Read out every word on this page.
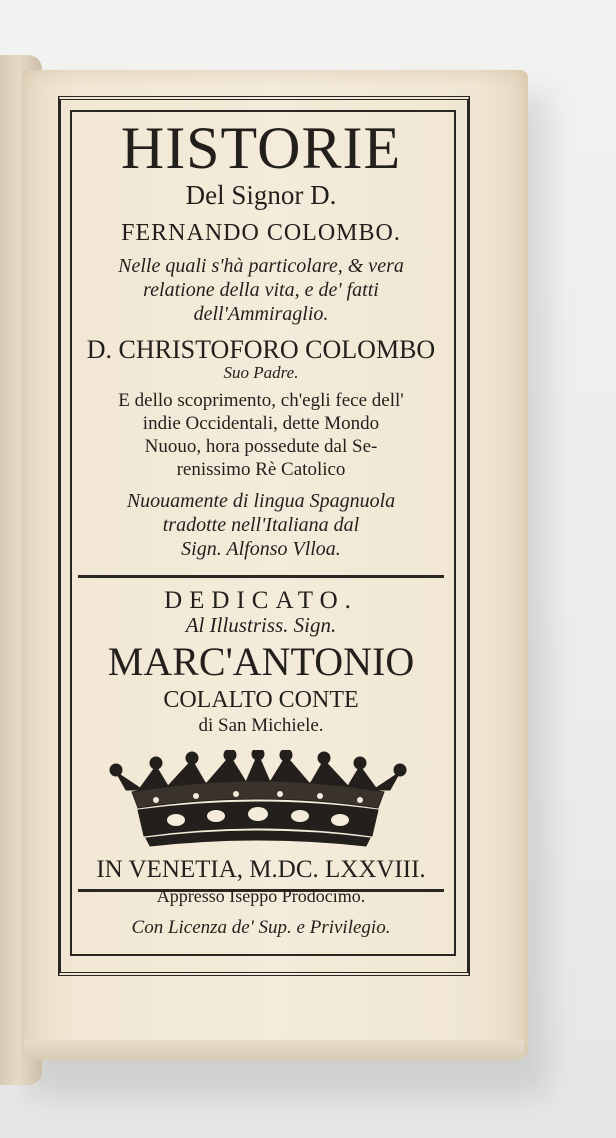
HISTORIE
Del Signor D.
FERNANDO COLOMBO.
Nelle quali s'hà particolare, & vera
relatione della vita, e de' fatti
dell'Ammiraglio.
D. CHRISTOFORO COLOMBO
Suo Padre.
E dello scoprimento, ch'egli fece dell'
indie Occidentali, dette Mondo
Nuouo, hora possedute dal Se-
renissimo Rè Catolico
Nuouamente di lingua Spagnuola
tradotte nell'Italiana dal
Sign. Alfonso Vlloa.
DEDICATO.
Al Illustriss. Sign.
MARC'ANTONIO
COLALTO CONTE
di San Michiele.
IN VENETIA, M.DC. LXXVIII.
Appresso Iseppo Prodocimo.
Con Licenza de' Sup. e Privilegio.
